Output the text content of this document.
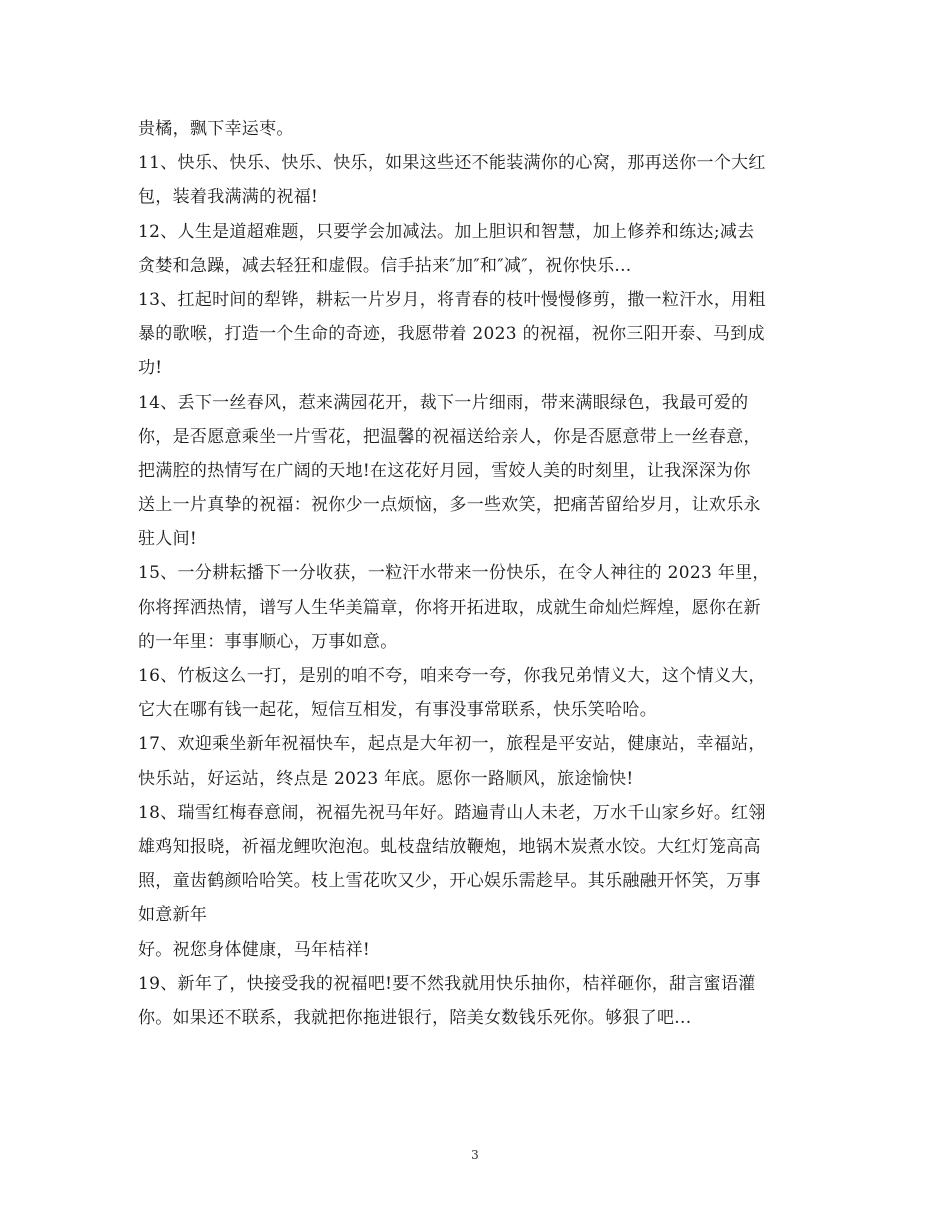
贵橘，飘下幸运枣。
11、快乐、快乐、快乐、快乐，如果这些还不能装满你的心窝，那再送你一个大红
包，装着我满满的祝福!
12、人生是道超难题，只要学会加减法。加上胆识和智慧，加上修养和练达;减去
贪婪和急躁，减去轻狂和虚假。信手拈来″加″和″减″，祝你快乐...
13、扛起时间的犁铧，耕耘一片岁月，将青春的枝叶慢慢修剪，撒一粒汗水，用粗
暴的歌喉，打造一个生命的奇迹，我愿带着 2023 的祝福，祝你三阳开泰、马到成
功!
14、丢下一丝春风，惹来满园花开，裁下一片细雨，带来满眼绿色，我最可爱的
你，是否愿意乘坐一片雪花，把温馨的祝福送给亲人，你是否愿意带上一丝春意，
把满腔的热情写在广阔的天地!在这花好月园，雪姣人美的时刻里，让我深深为你
送上一片真挚的祝福：祝你少一点烦恼，多一些欢笑，把痛苦留给岁月，让欢乐永
驻人间!
15、一分耕耘播下一分收获，一粒汗水带来一份快乐，在令人神往的 2023 年里，
你将挥洒热情，谱写人生华美篇章，你将开拓进取，成就生命灿烂辉煌，愿你在新
的一年里：事事顺心，万事如意。
16、竹板这么一打，是别的咱不夸，咱来夸一夸，你我兄弟情义大，这个情义大，
它大在哪有钱一起花，短信互相发，有事没事常联系，快乐笑哈哈。
17、欢迎乘坐新年祝福快车，起点是大年初一，旅程是平安站，健康站，幸福站，
快乐站，好运站，终点是 2023 年底。愿你一路顺风，旅途愉快!
18、瑞雪红梅春意闹，祝福先祝马年好。踏遍青山人未老，万水千山家乡好。红翎
雄鸡知报晓，祈福龙鲤吹泡泡。虬枝盘结放鞭炮，地锅木炭煮水饺。大红灯笼高高
照，童齿鹤颜哈哈笑。枝上雪花吹又少，开心娱乐需趁早。其乐融融开怀笑，万事
如意新年
好。祝您身体健康，马年桔祥!
19、新年了，快接受我的祝福吧!要不然我就用快乐抽你，桔祥砸你，甜言蜜语灌
你。如果还不联系，我就把你拖进银行，陪美女数钱乐死你。够狠了吧...
3
